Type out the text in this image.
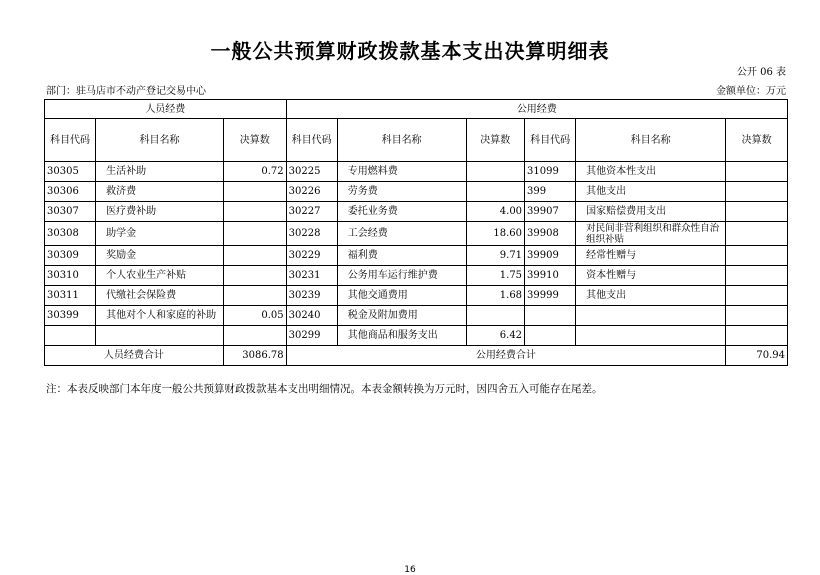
一般公共预算财政拨款基本支出决算明细表
公开 06 表
部门：驻马店市不动产登记交易中心	金额单位：万元
人员经费			公用经费					
科目代码	科目名称	决算数	科目代码	科目名称	决算数	科目代码	科目名称	决算数
30305	生活补助	0.72	30225	专用燃料费		31099	其他资本性支出	
30306	救济费		30226	劳务费		399	其他支出	
30307	医疗费补助		30227	委托业务费	4.00	39907	国家赔偿费用支出	
30308	助学金		30228	工会经费	18.60	39908	对民间非营利组织和群众性自治组织补贴	
30309	奖励金		30229	福利费	9.71	39909	经常性赠与	
30310	个人农业生产补贴		30231	公务用车运行维护费	1.75	39910	资本性赠与	
30311	代缴社会保险费		30239	其他交通费用	1.68	39999	其他支出	
30399	其他对个人和家庭的补助	0.05	30240	税金及附加费用				
			30299	其他商品和服务支出	6.42			
人员经费合计		3086.78	公用经费合计					70.94
注：本表反映部门本年度一般公共预算财政拨款基本支出明细情况。本表金额转换为万元时，因四舍五入可能存在尾差。
16
